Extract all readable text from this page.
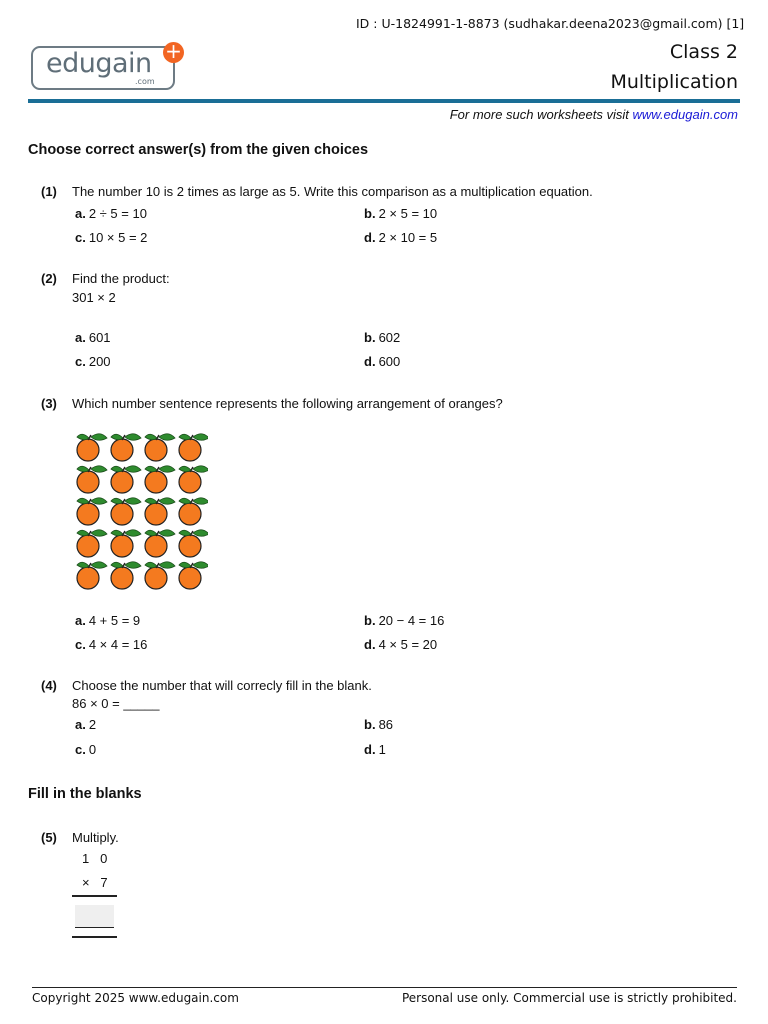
ID : U-1824991-1-8873 (sudhakar.deena2023@gmail.com) [1]
edugain
.com
+	Class 2
Multiplication
For more such worksheets visit www.edugain.com
Choose correct answer(s) from the given choices
(1) The number 10 is 2 times as large as 5. Write this comparison as a multiplication equation.
a. 2 ÷ 5 = 10	b. 2 × 5 = 10
c. 10 × 5 = 2	d. 2 × 10 = 5
(2) Find the product:
301 × 2
a. 601	b. 602
c. 200	d. 600
(3) Which number sentence represents the following arrangement of oranges?
a. 4 + 5 = 9	b. 20 − 4 = 16
c. 4 × 4 = 16	d. 4 × 5 = 20
(4) Choose the number that will correcly fill in the blank.
86 × 0 = _____
a. 2	b. 86
c. 0	d. 1
Fill in the blanks
(5) Multiply.
1   0
×   7
Copyright 2025 www.edugain.com	Personal use only. Commercial use is strictly prohibited.
